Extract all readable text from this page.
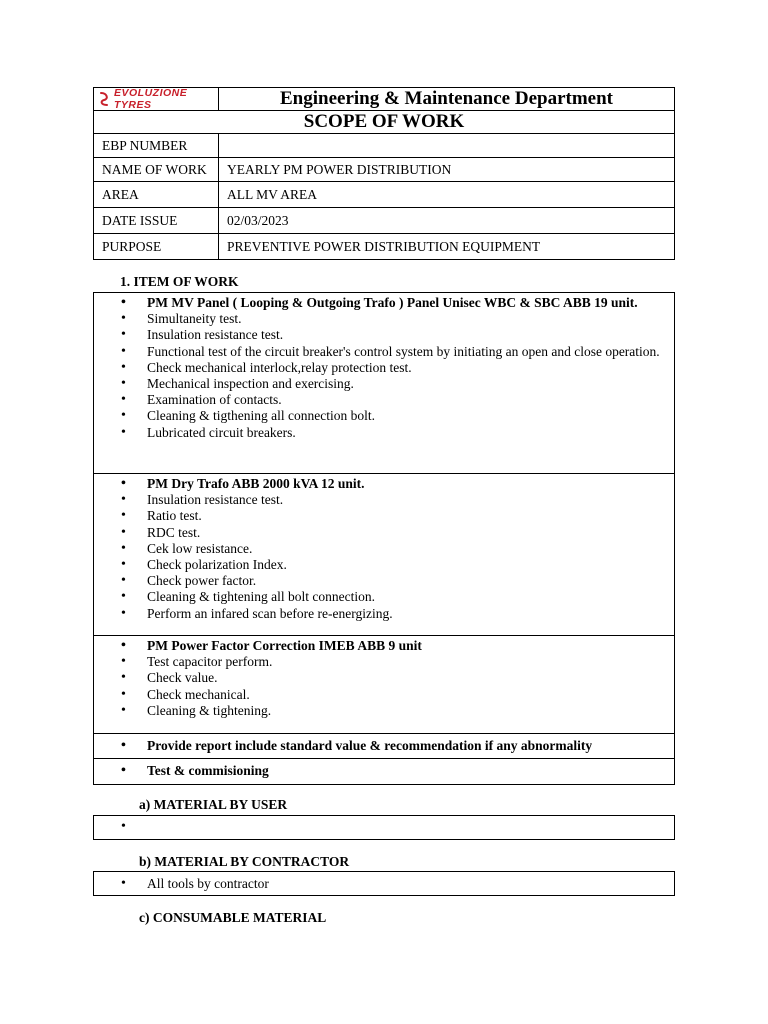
EVOLUZIONE TYRES	Engineering & Maintenance Department
SCOPE OF WORK	
EBP NUMBER	
NAME OF WORK	YEARLY PM POWER DISTRIBUTION
AREA	ALL MV AREA
DATE ISSUE	02/03/2023
PURPOSE	PREVENTIVE POWER DISTRIBUTION EQUIPMENT
1. ITEM OF WORK
• PM MV Panel ( Looping & Outgoing Trafo ) Panel Unisec WBC & SBC ABB 19 unit.
• Simultaneity test.
• Insulation resistance test.
• Functional test of the circuit breaker's control system by initiating an open and close operation.
• Check mechanical interlock,relay protection test.
• Mechanical inspection and exercising.
• Examination of contacts.
• Cleaning & tigthening all connection bolt.
• Lubricated circuit breakers.
• PM Dry Trafo ABB 2000 kVA 12 unit.
• Insulation resistance test.
• Ratio test.
• RDC test.
• Cek low resistance.
• Check polarization Index.
• Check power factor.
• Cleaning & tightening all bolt connection.
• Perform an infared scan before re-energizing.
• PM Power Factor Correction IMEB ABB 9 unit
• Test capacitor perform.
• Check value.
• Check mechanical.
• Cleaning & tightening.
• Provide report include standard value & recommendation if any abnormality
• Test & commisioning
a) MATERIAL BY USER
b) MATERIAL BY CONTRACTOR
• All tools by contractor
c) CONSUMABLE MATERIAL
